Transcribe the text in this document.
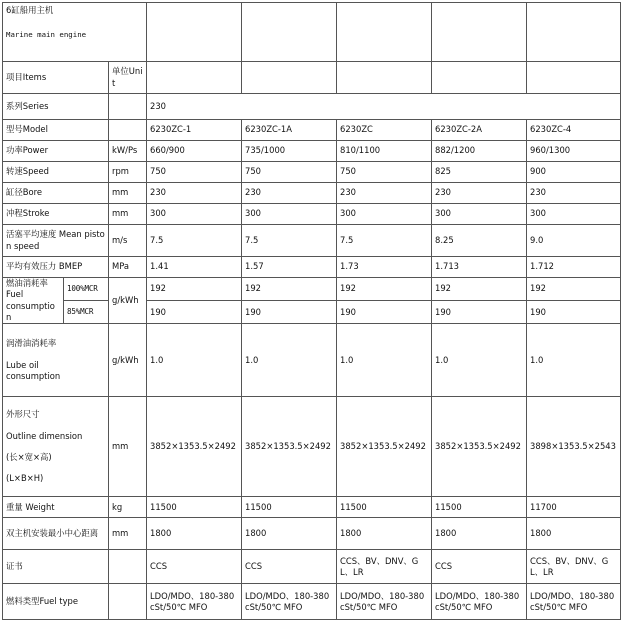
6缸船用主机
Marine main engine							

项目Items		单位Unit					
系列Series			230				
型号Model			6230ZC-1	6230ZC-1A	6230ZC	6230ZC-2A	6230ZC-4
功率Power		kW/Ps	660/900	735/1000	810/1100	882/1200	960/1300
转速Speed		rpm	750	750	750	825	900
缸径Bore		mm	230	230	230	230	230
冲程Stroke		mm	300	300	300	300	300
活塞平均速度 Mean piston speed		m/s	7.5	7.5	7.5	8.25	9.0
平均有效压力 BMEP		MPa	1.41	1.57	1.73	1.713	1.712

燃油消耗率
Fuel
consumption	100%MCR	g/kWh	192	192	192	192	192
	85%MCR		190	190	190	190	190

润滑油消耗率
Lube oil
consumption		g/kWh	1.0	1.0	1.0	1.0	1.0

外形尺寸
Outline dimension
(长×宽×高)
(L×B×H)		mm	3852×1353.5×2492	3852×1353.5×2492	3852×1353.5×2492	3852×1353.5×2492	3898×1353.5×2543
重量 Weight		kg	11500	11500	11500	11500	11700
双主机安装最小中心距离		mm	1800	1800	1800	1800	1800
证书			CCS	CCS	CCS、BV、DNV、GL、LR	CCS	CCS、BV、DNV、GL、LR
燃料类型Fuel type			LDO/MDO、180-380cSt/50℃ MFO	LDO/MDO、180-380cSt/50℃ MFO	LDO/MDO、180-380cSt/50℃ MFO	LDO/MDO、180-380cSt/50℃ MFO	LDO/MDO、180-380cSt/50℃ MFO
